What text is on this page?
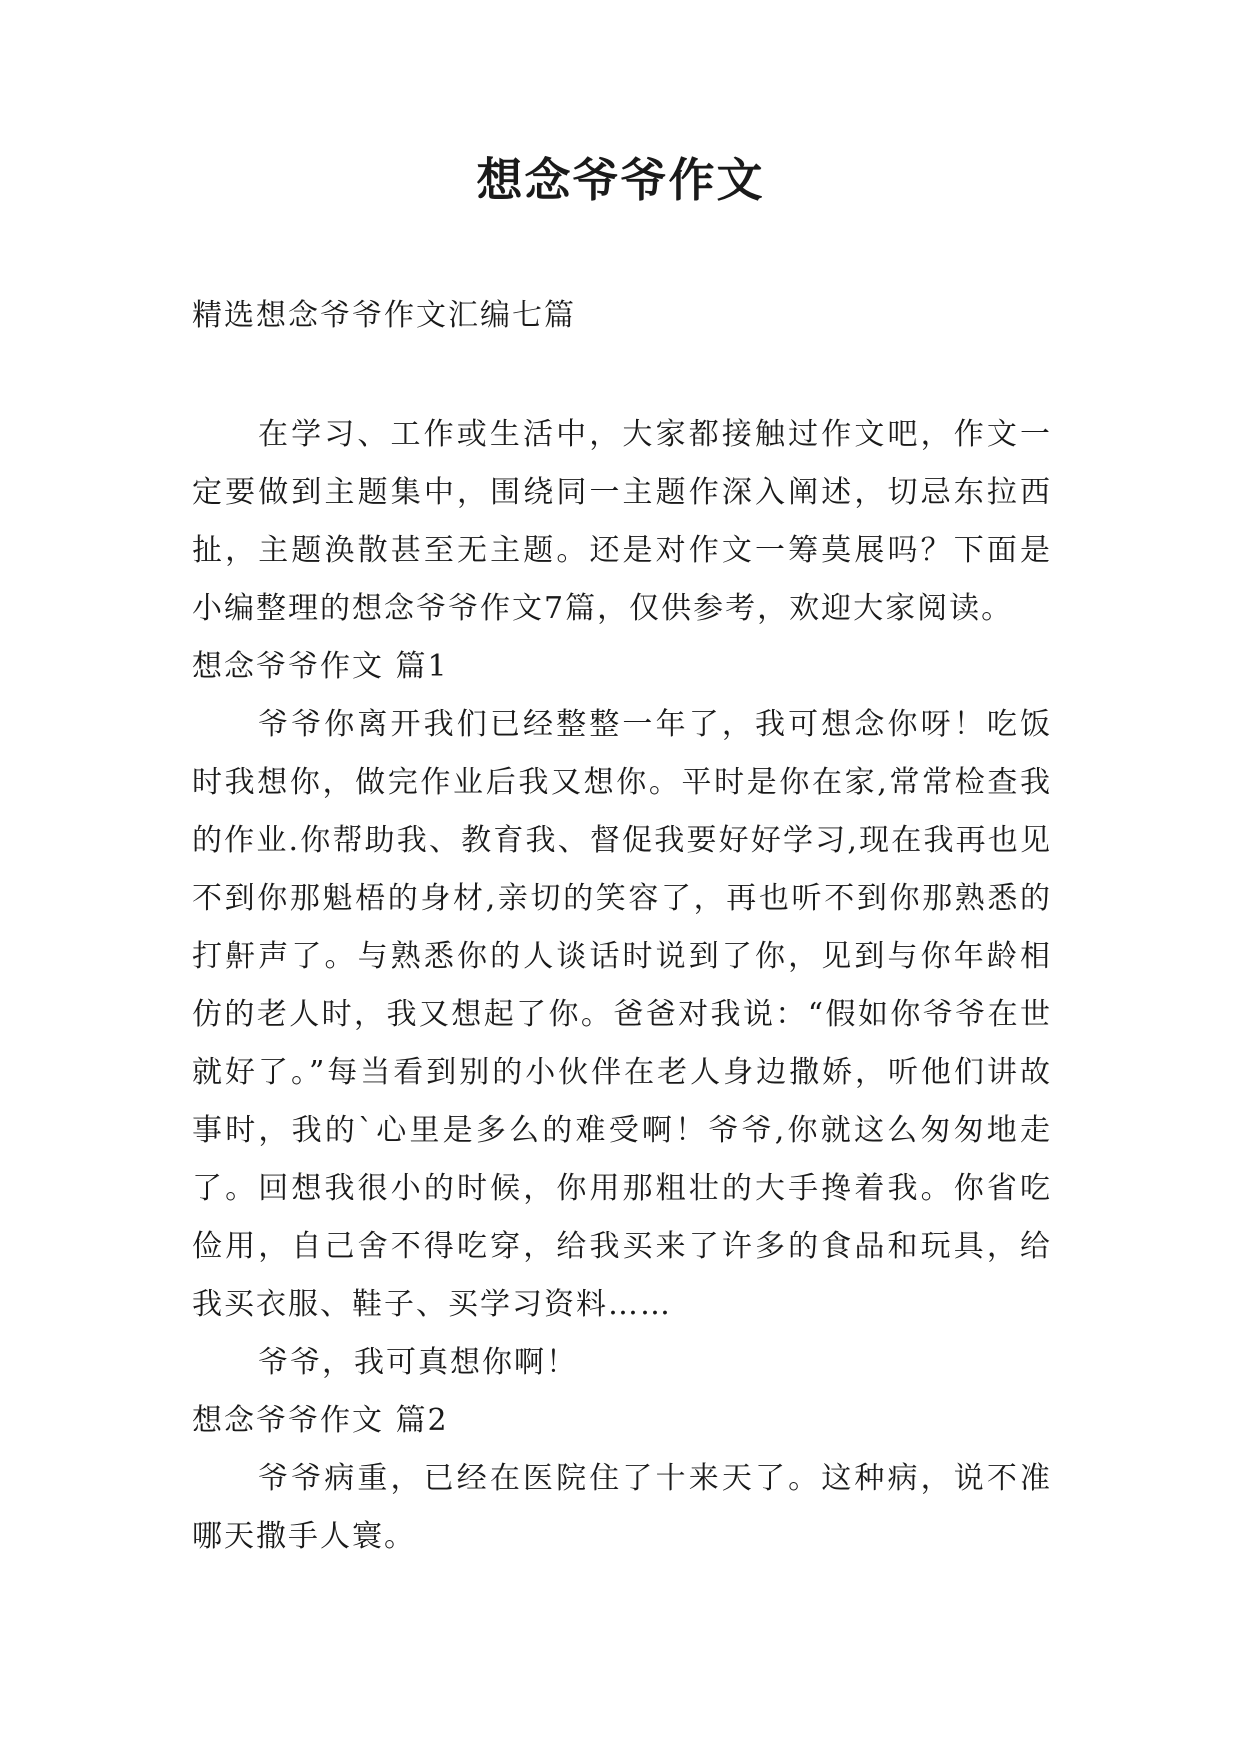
想念爷爷作文

精选想念爷爷作文汇编七篇

在学习、工作或生活中，大家都接触过作文吧，作文一定要做到主题集中，围绕同一主题作深入阐述，切忌东拉西扯，主题涣散甚至无主题。还是对作文一筹莫展吗？下面是小编整理的想念爷爷作文7篇，仅供参考，欢迎大家阅读。

想念爷爷作文 篇1

爷爷你离开我们已经整整一年了，我可想念你呀！吃饭时我想你，做完作业后我又想你。平时是你在家,常常检查我的作业.你帮助我、教育我、督促我要好好学习,现在我再也见不到你那魁梧的身材,亲切的笑容了，再也听不到你那熟悉的打鼾声了。与熟悉你的人谈话时说到了你，见到与你年龄相仿的老人时，我又想起了你。爸爸对我说：“假如你爷爷在世就好了。”每当看到别的小伙伴在老人身边撒娇，听他们讲故事时，我的`心里是多么的难受啊！爷爷,你就这么匆匆地走了。回想我很小的时候，你用那粗壮的大手搀着我。你省吃俭用，自己舍不得吃穿，给我买来了许多的食品和玩具，给我买衣服、鞋子、买学习资料……

爷爷，我可真想你啊！

想念爷爷作文 篇2

爷爷病重，已经在医院住了十来天了。这种病，说不准哪天撒手人寰。
